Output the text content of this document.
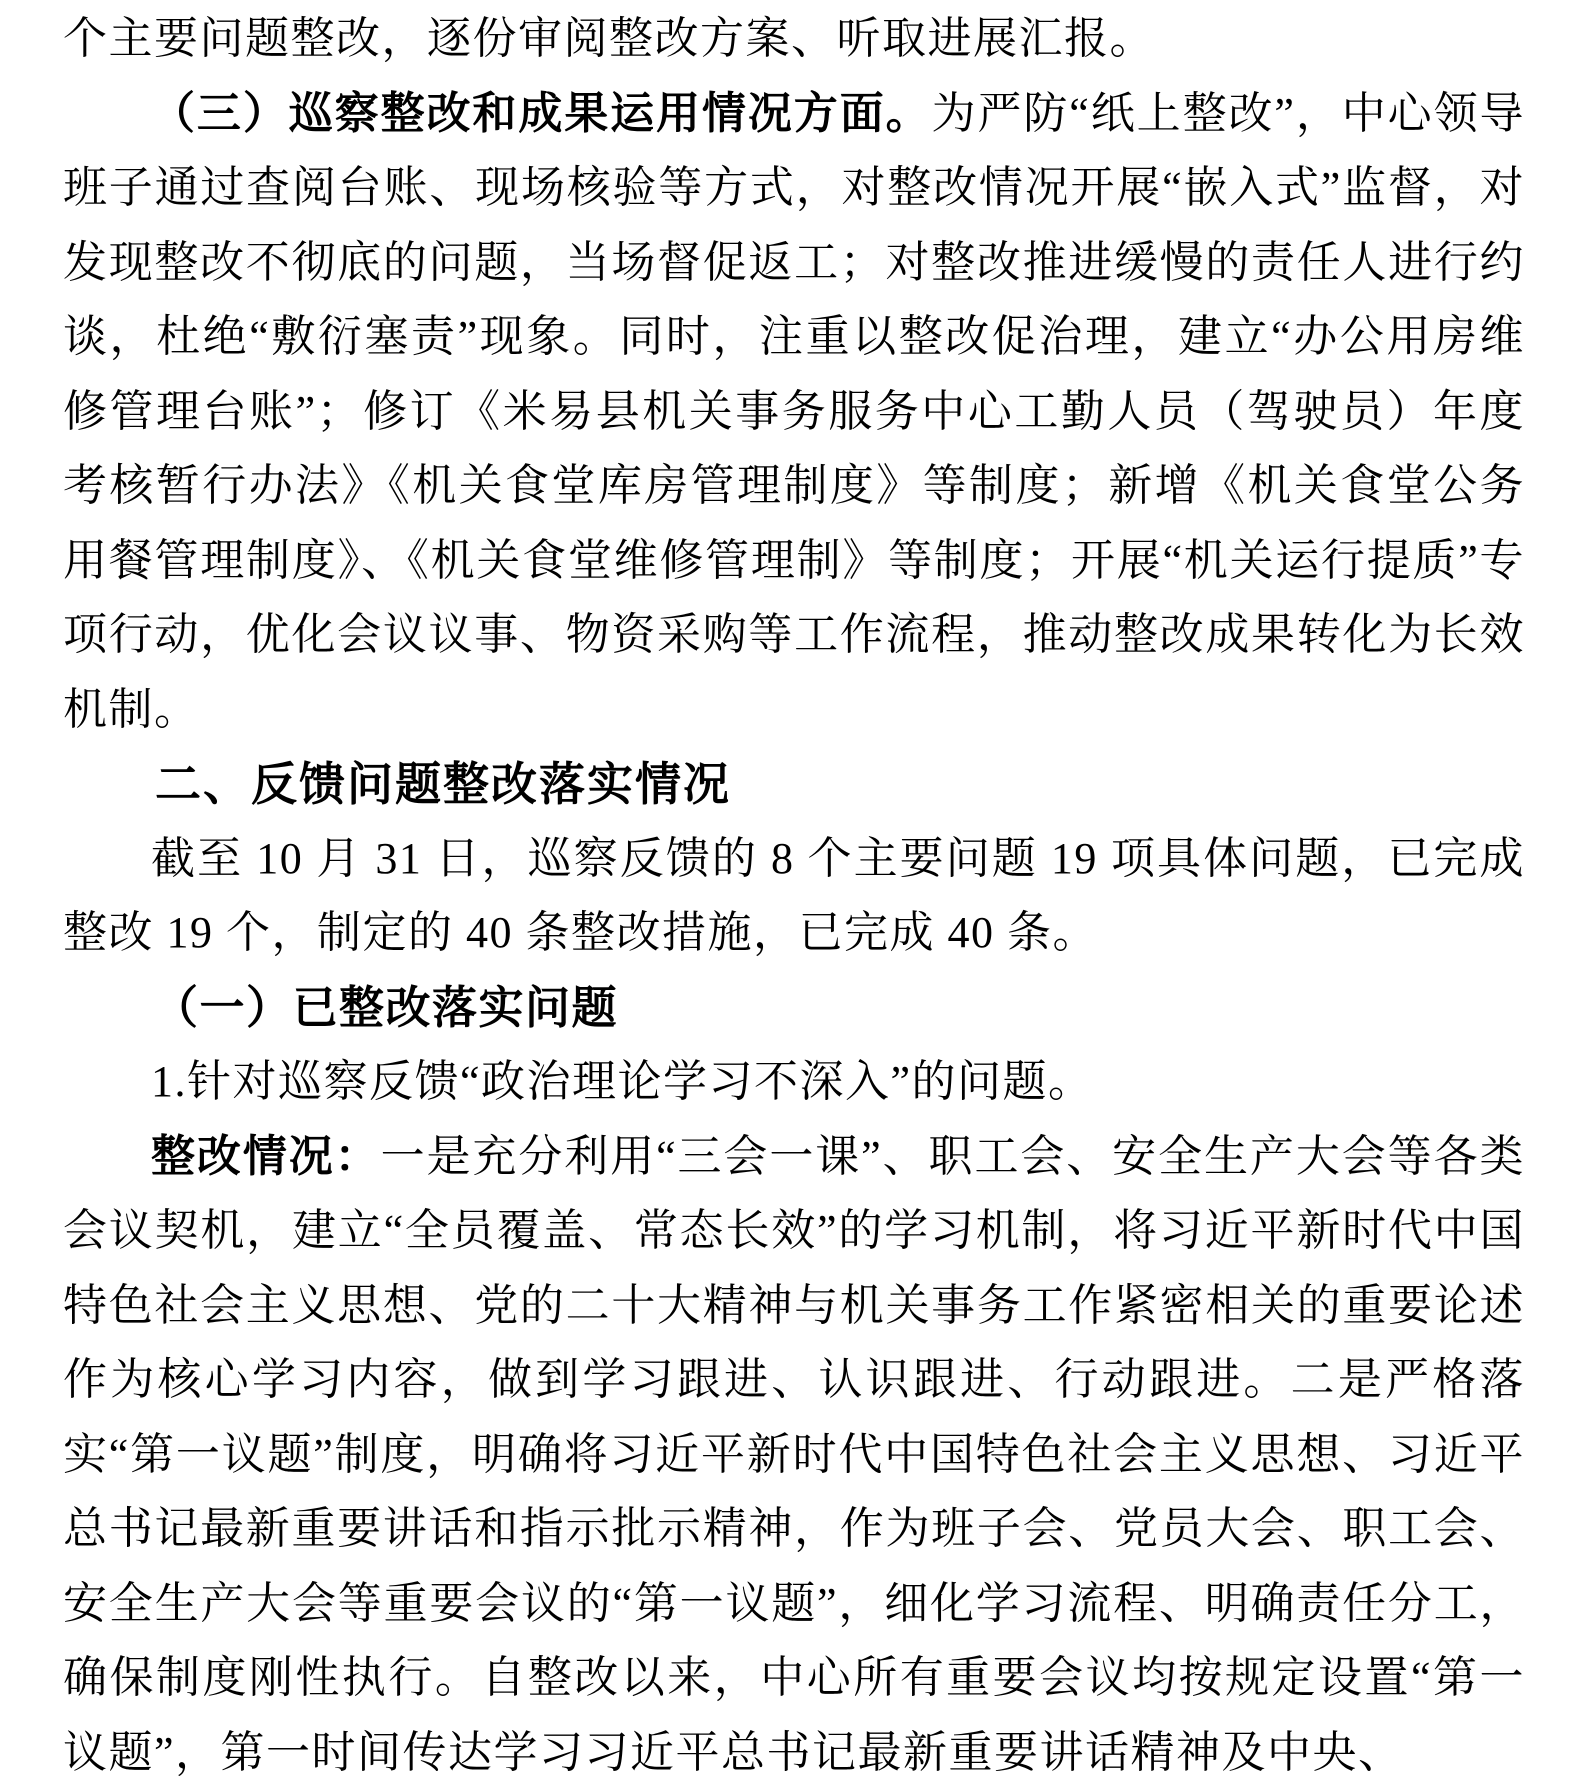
个主要问题整改，逐份审阅整改方案、听取进展汇报。

（三）巡察整改和成果运用情况方面。为严防“纸上整改”，中心领导班子通过查阅台账、现场核验等方式，对整改情况开展“嵌入式”监督，对发现整改不彻底的问题，当场督促返工；对整改推进缓慢的责任人进行约谈，杜绝“敷衍塞责”现象。同时，注重以整改促治理，建立“办公用房维修管理台账”；修订《米易县机关事务服务中心工勤人员（驾驶员）年度考核暂行办法》《机关食堂库房管理制度》等制度；新增《机关食堂公务用餐管理制度》、《机关食堂维修管理制》等制度；开展“机关运行提质”专项行动，优化会议议事、物资采购等工作流程，推动整改成果转化为长效机制。

二、反馈问题整改落实情况

截至 10 月 31 日，巡察反馈的 8 个主要问题 19 项具体问题，已完成整改 19 个，制定的 40 条整改措施，已完成 40 条。

（一）已整改落实问题

1.针对巡察反馈“政治理论学习不深入”的问题。

整改情况：一是充分利用“三会一课”、职工会、安全生产大会等各类会议契机，建立“全员覆盖、常态长效”的学习机制，将习近平新时代中国特色社会主义思想、党的二十大精神与机关事务工作紧密相关的重要论述作为核心学习内容，做到学习跟进、认识跟进、行动跟进。二是严格落实“第一议题”制度，明确将习近平新时代中国特色社会主义思想、习近平总书记最新重要讲话和指示批示精神，作为班子会、党员大会、职工会、安全生产大会等重要会议的“第一议题”，细化学习流程、明确责任分工，确保制度刚性执行。自整改以来，中心所有重要会议均按规定设置“第一议题”，第一时间传达学习习近平总书记最新重要讲话精神及中央、
